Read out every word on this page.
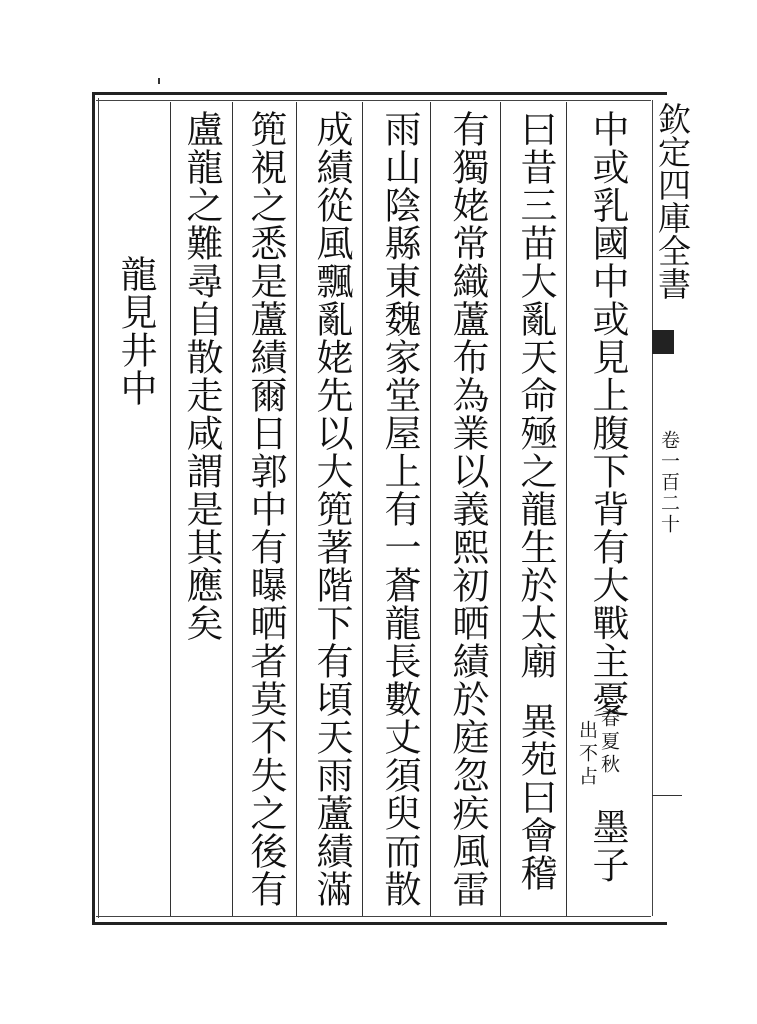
欽定四庫全書
卷一百二十
中或乳國中或見上腹下背有大戰主憂
春夏秋
出不占
墨子
曰昔三苗大亂天命殛之龍生於太廟
異苑曰會稽
有獨姥常織蘆布為業以義熙初晒績於庭忽疾風雷
雨山陰縣東魏家堂屋上有一蒼龍長數丈須臾而散
成績從風飄亂姥先以大篼著階下有頃天雨蘆績滿
篼視之悉是蘆績爾日郭中有曝晒者莫不失之後有
盧龍之難尋自散走咸謂是其應矣
龍見井中
